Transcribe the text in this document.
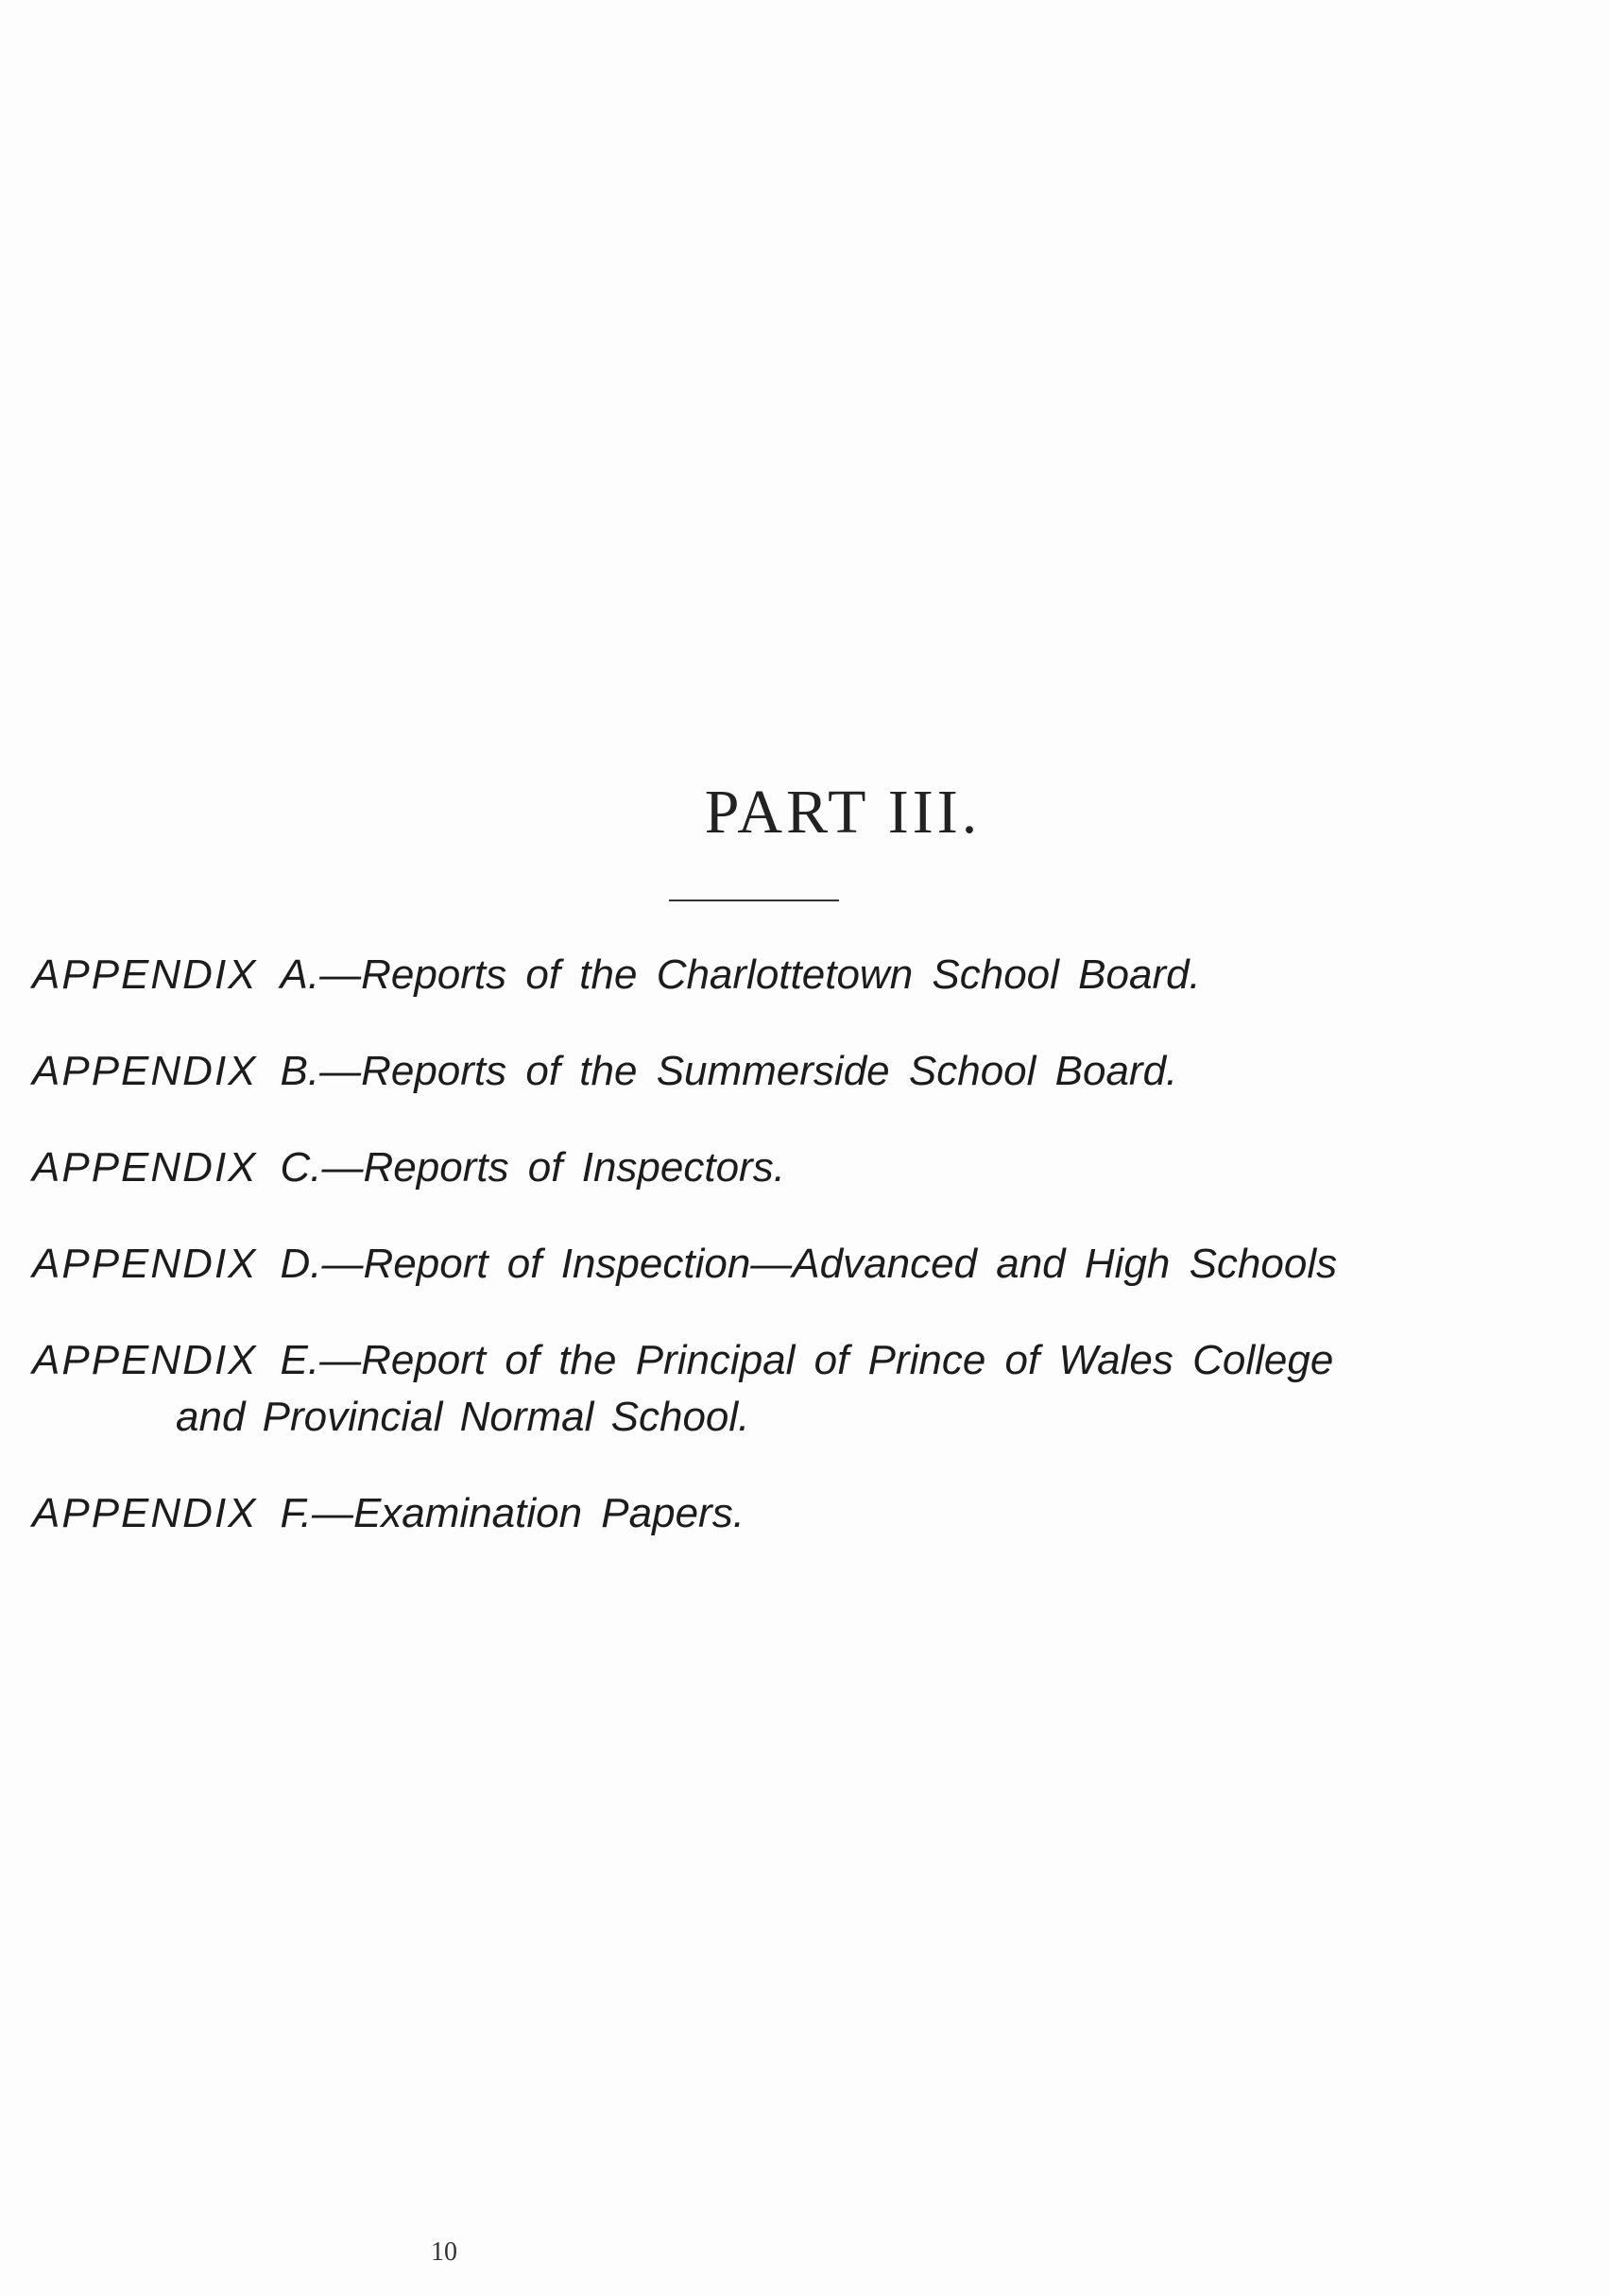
PART III.
APPENDIX A.—Reports of the Charlottetown School Board.
APPENDIX B.—Reports of the Summerside School Board.
APPENDIX C.—Reports of Inspectors.
APPENDIX D.—Report of Inspection—Advanced and High Schools
APPENDIX E.—Report of the Principal of Prince of Wales College
and Provincial Normal School.
APPENDIX F.—Examination Papers.
10
